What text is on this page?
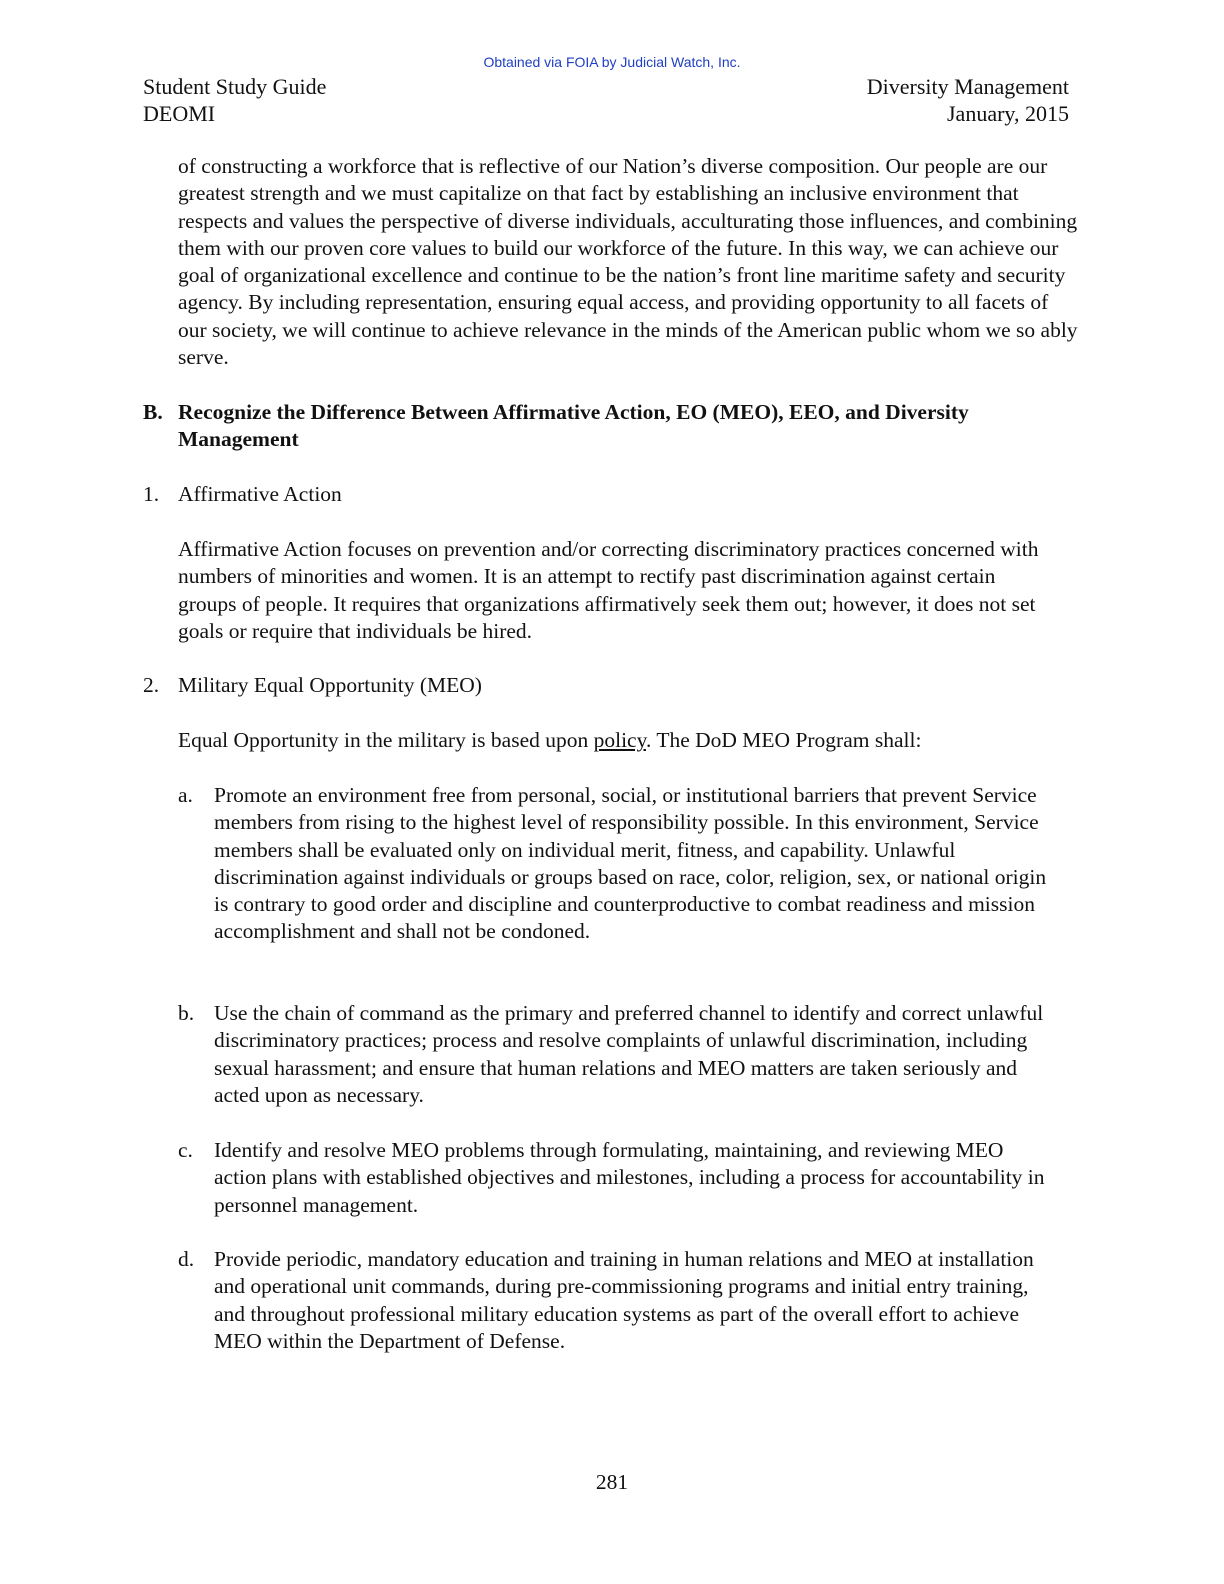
Obtained via FOIA by Judicial Watch, Inc.
Student Study Guide
DEOMI
Diversity Management
January, 2015

of constructing a workforce that is reflective of our Nation’s diverse composition. Our people are our greatest strength and we must capitalize on that fact by establishing an inclusive environment that respects and values the perspective of diverse individuals, acculturating those influences, and combining them with our proven core values to build our workforce of the future. In this way, we can achieve our goal of organizational excellence and continue to be the nation’s front line maritime safety and security agency. By including representation, ensuring equal access, and providing opportunity to all facets of our society, we will continue to achieve relevance in the minds of the American public whom we so ably serve.

B. Recognize the Difference Between Affirmative Action, EO (MEO), EEO, and Diversity Management
1. Affirmative Action

Affirmative Action focuses on prevention and/or correcting discriminatory practices concerned with numbers of minorities and women. It is an attempt to rectify past discrimination against certain groups of people. It requires that organizations affirmatively seek them out; however, it does not set goals or require that individuals be hired.

2. Military Equal Opportunity (MEO)

Equal Opportunity in the military is based upon policy. The DoD MEO Program shall:

a. Promote an environment free from personal, social, or institutional barriers that prevent Service members from rising to the highest level of responsibility possible. In this environment, Service members shall be evaluated only on individual merit, fitness, and capability. Unlawful discrimination against individuals or groups based on race, color, religion, sex, or national origin is contrary to good order and discipline and counterproductive to combat readiness and mission accomplishment and shall not be condoned.
b. Use the chain of command as the primary and preferred channel to identify and correct unlawful discriminatory practices; process and resolve complaints of unlawful discrimination, including sexual harassment; and ensure that human relations and MEO matters are taken seriously and acted upon as necessary.
c. Identify and resolve MEO problems through formulating, maintaining, and reviewing MEO action plans with established objectives and milestones, including a process for accountability in personnel management.
d. Provide periodic, mandatory education and training in human relations and MEO at installation and operational unit commands, during pre-commissioning programs and initial entry training, and throughout professional military education systems as part of the overall effort to achieve MEO within the Department of Defense.
281
